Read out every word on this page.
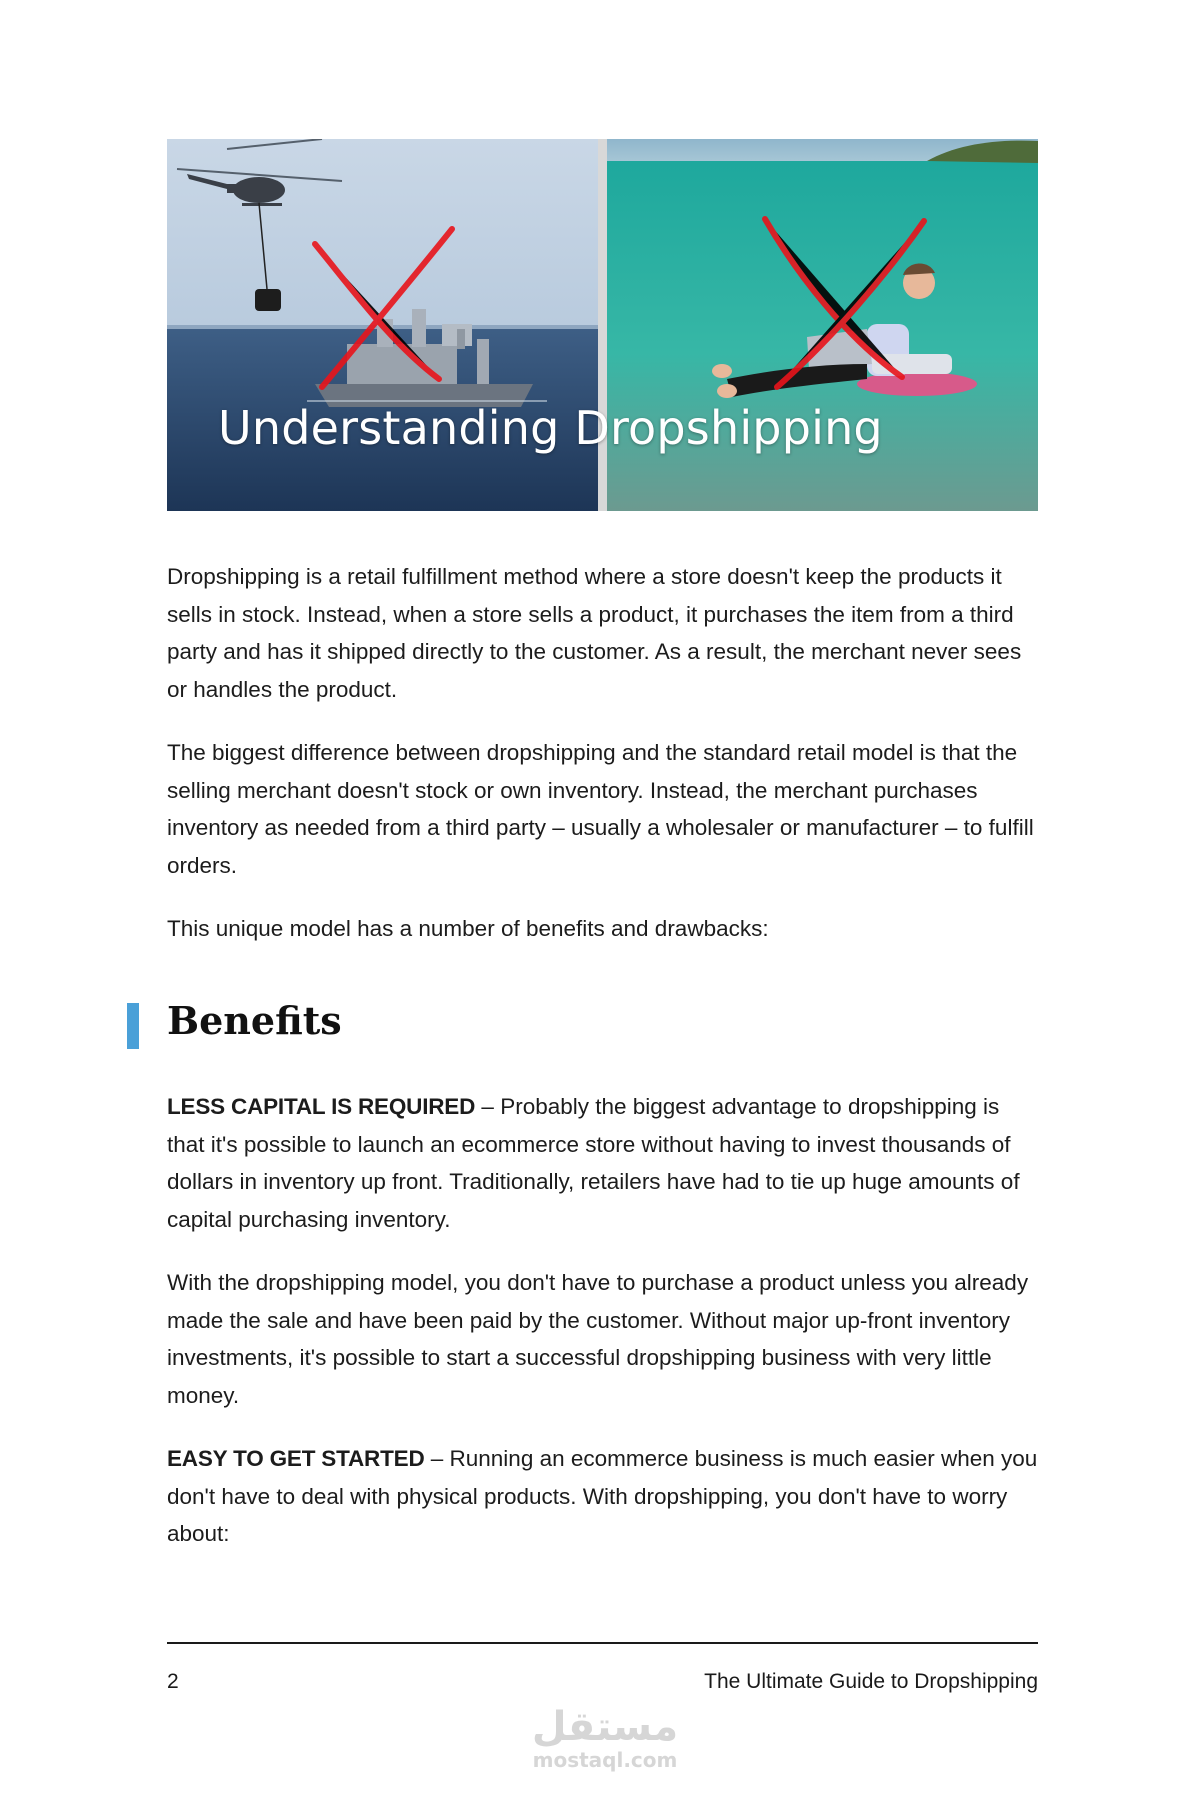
Understanding Dropshipping

Dropshipping is a retail fulfillment method where a store doesn't keep the products it sells in stock. Instead, when a store sells a product, it purchases the item from a third party and has it shipped directly to the customer. As a result, the merchant never sees or handles the product.

The biggest difference between dropshipping and the standard retail model is that the selling merchant doesn't stock or own inventory. Instead, the merchant purchases inventory as needed from a third party – usually a wholesaler or manufacturer – to fulfill orders.

This unique model has a number of benefits and drawbacks:

Benefits

LESS CAPITAL IS REQUIRED – Probably the biggest advantage to dropshipping is that it's possible to launch an ecommerce store without having to invest thousands of dollars in inventory up front. Traditionally, retailers have had to tie up huge amounts of capital purchasing inventory.

With the dropshipping model, you don't have to purchase a product unless you already made the sale and have been paid by the customer. Without major up-front inventory investments, it's possible to start a successful dropshipping business with very little money.

EASY TO GET STARTED – Running an ecommerce business is much easier when you don't have to deal with physical products. With dropshipping, you don't have to worry about:

2	The Ultimate Guide to Dropshipping
مستقل
mostaql.com
